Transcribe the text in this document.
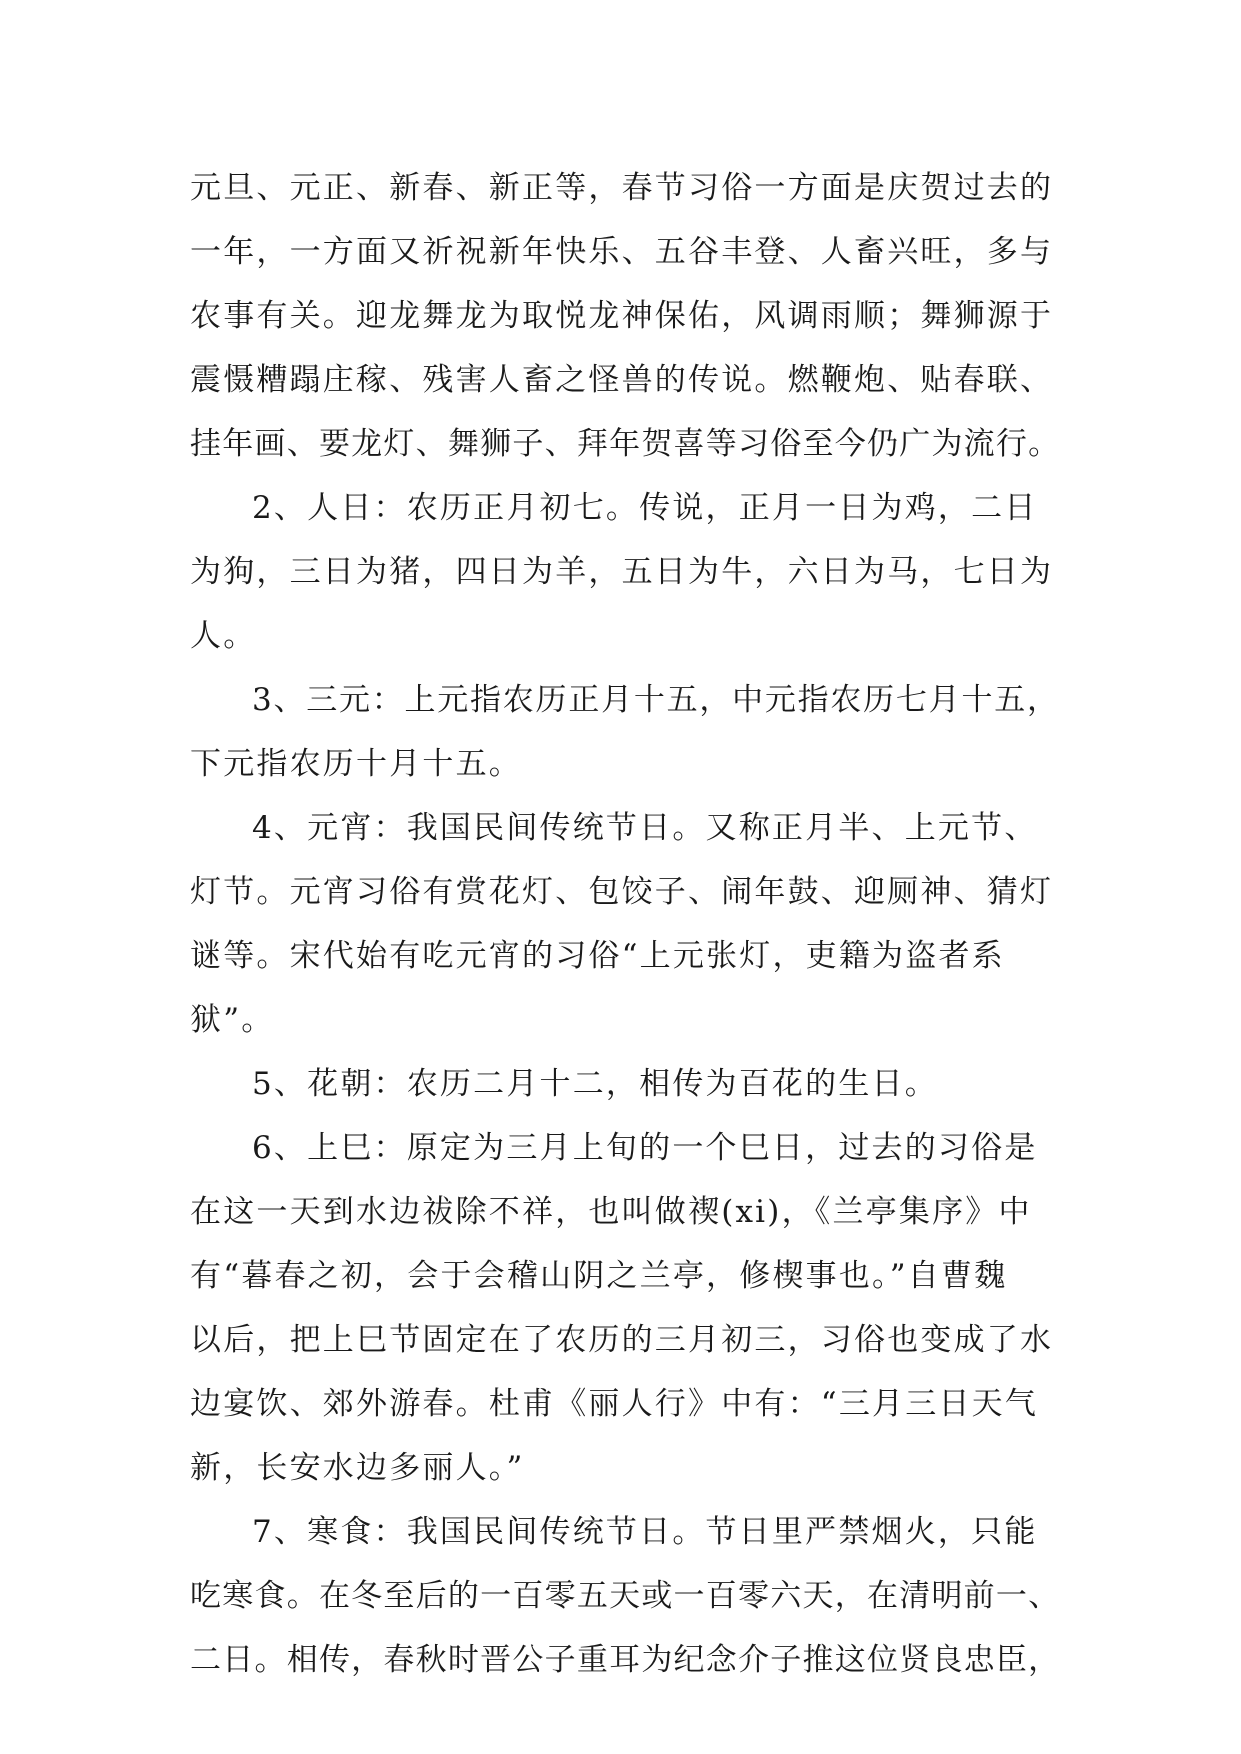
元旦、元正、新春、新正等，春节习俗一方面是庆贺过去的
一年，一方面又祈祝新年快乐、五谷丰登、人畜兴旺，多与
农事有关。迎龙舞龙为取悦龙神保佑，风调雨顺；舞狮源于
震慑糟蹋庄稼、残害人畜之怪兽的传说。燃鞭炮、贴春联、
挂年画、要龙灯、舞狮子、拜年贺喜等习俗至今仍广为流行。

2、人日：农历正月初七。传说，正月一日为鸡，二日
为狗，三日为猪，四日为羊，五日为牛，六日为马，七日为
人。

3、三元：上元指农历正月十五，中元指农历七月十五，
下元指农历十月十五。

4、元宵：我国民间传统节日。又称正月半、上元节、
灯节。元宵习俗有赏花灯、包饺子、闹年鼓、迎厕神、猜灯
谜等。宋代始有吃元宵的习俗“上元张灯，吏籍为盗者系
狱”。

5、花朝：农历二月十二，相传为百花的生日。

6、上巳：原定为三月上旬的一个巳日，过去的习俗是
在这一天到水边祓除不祥，也叫做禊(xi)，《兰亭集序》中
有“暮春之初，会于会稽山阴之兰亭，修楔事也。”自曹魏
以后，把上巳节固定在了农历的三月初三，习俗也变成了水
边宴饮、郊外游春。杜甫《丽人行》中有：“三月三日天气
新，长安水边多丽人。”

7、寒食：我国民间传统节日。节日里严禁烟火，只能
吃寒食。在冬至后的一百零五天或一百零六天，在清明前一、
二日。相传，春秋时晋公子重耳为纪念介子推这位贤良忠臣，
